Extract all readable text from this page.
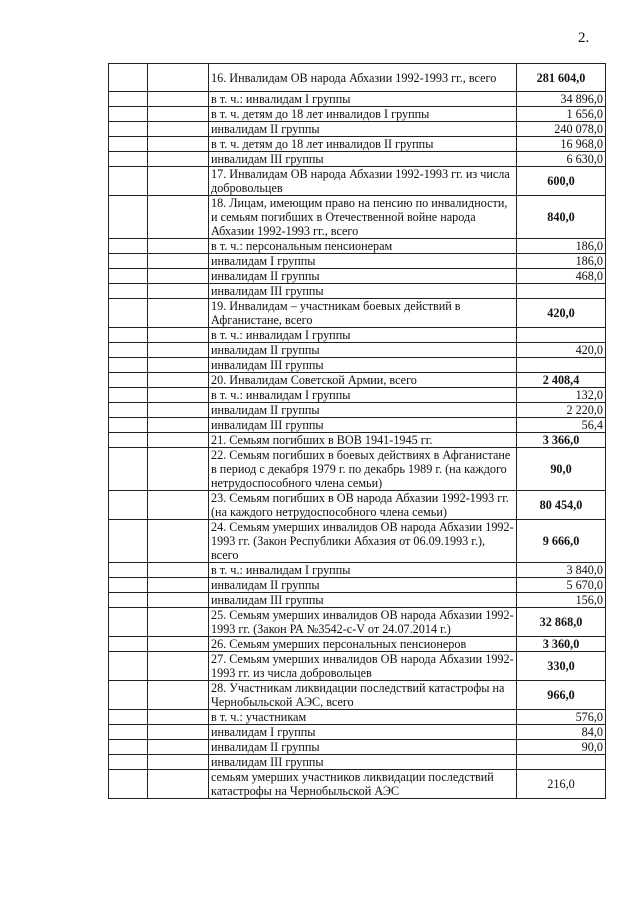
2.
		16. Инвалидам ОВ народа Абхазии 1992-1993 гг., всего	281 604,0
		в т. ч.: инвалидам I группы	34 896,0
		в т. ч. детям до 18 лет инвалидов I группы	1 656,0
		инвалидам II группы	240 078,0
		в т. ч. детям до 18 лет инвалидов II группы	16 968,0
		инвалидам III группы	6 630,0
		17. Инвалидам ОВ народа Абхазии 1992-1993 гг. из числа добровольцев	600,0
		18. Лицам, имеющим право на пенсию по инвалидности, и семьям погибших в Отечественной войне народа Абхазии 1992-1993 гг., всего	840,0
		в т. ч.: персональным пенсионерам	186,0
		инвалидам I группы	186,0
		инвалидам II группы	468,0
		инвалидам III группы	
		19. Инвалидам – участникам боевых действий в Афганистане, всего	420,0
		в т. ч.: инвалидам I группы	
		инвалидам II группы	420,0
		инвалидам III группы	
		20. Инвалидам Советской Армии, всего	2 408,4
		в т. ч.: инвалидам I группы	132,0
		инвалидам II группы	2 220,0
		инвалидам III группы	56,4
		21. Семьям погибших в ВОВ 1941-1945 гг.	3 366,0
		22. Семьям погибших в боевых действиях в Афганистане в период с декабря 1979 г. по декабрь 1989 г. (на каждого нетрудоспособного члена семьи)	90,0
		23. Семьям погибших в ОВ народа Абхазии 1992-1993 гг. (на каждого нетрудоспособного члена семьи)	80 454,0
		24. Семьям умерших инвалидов ОВ народа Абхазии 1992-1993 гг. (Закон Республики Абхазия от 06.09.1993 г.), всего	9 666,0
		в т. ч.: инвалидам I группы	3 840,0
		инвалидам II группы	5 670,0
		инвалидам III группы	156,0
		25. Семьям умерших инвалидов ОВ народа Абхазии 1992-1993 гг. (Закон РА №3542-с-V от 24.07.2014 г.)	32 868,0
		26. Семьям умерших персональных пенсионеров	3 360,0
		27. Семьям умерших инвалидов ОВ народа Абхазии 1992-1993 гг. из числа добровольцев	330,0
		28. Участникам ликвидации последствий катастрофы на Чернобыльской АЭС, всего	966,0
		в т. ч.: участникам	576,0
		инвалидам I группы	84,0
		инвалидам II группы	90,0
		инвалидам III группы	
		семьям умерших участников ликвидации последствий катастрофы на Чернобыльской АЭС	216,0
